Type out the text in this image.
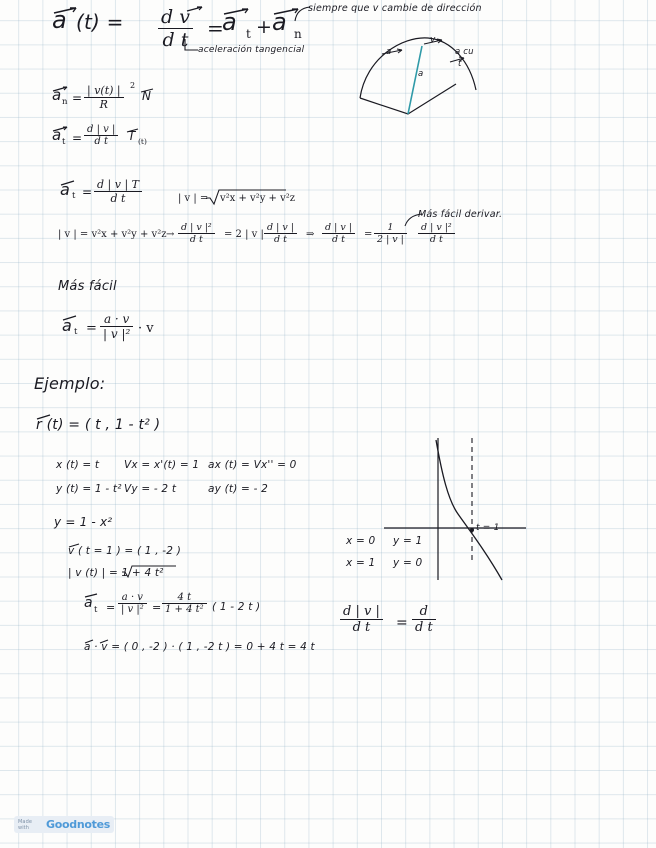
a $(t) = \frac{\text{d v}}{\text{d t}}$ =
a t + a n
siempre que v cambie de dirección
aceleración tangencial	a
v
a cu
t
a
a $n = \frac{| v(t) |}{R} 2$
N
a $t = \frac{d | v |}{\text{d t}}$ T (t)
a $t = \frac{d | v | T}{\text{d t}}$	| v | = v²x + v²y + v²z
Más fácil derivar.
| v | = $v^2x + v^2y + v^2z \to \frac{\text{d | v |²}}{\text{d t}} = 2$ | v | $\frac{d | v |}{\text{d t}}$ ⇒ $\frac{d | v |}{\text{d t}} = \frac{1}{2 | v |} \frac{\text{d | v |²}}{\text{d t}}$
Más fácil
a $t = \frac{a \cdot v}{\text{| v |²}} \cdot v$
Ejemplo:
r (t) = ( t , 1 - t² )
x (t) = t
y (t) = 1 - t²
Vx = x'(t) = 1
Vy = - 2 t
ax (t) = Vx'' = 0
ay (t) = - 2
y = 1 - x²
v ( t = 1 ) = ( 1 , -2 )
| v (t) | = 1 + 4 t²
a $t = \frac{a \cdot v}{\text{| v |²}} = \frac{4 t}{\text{1 + 4 t²}}$ ( 1 - 2 t )
a · v = ( 0 , -2 ) · ( 1 , -2 t ) = 0 + 4 t = 4 t
t = 1
x = 0     y = 1
x = 1     y = 0
$\frac{d | v |}{\text{d t}} = \frac{d}{\text{d t}}$
Made with	Goodnotes
